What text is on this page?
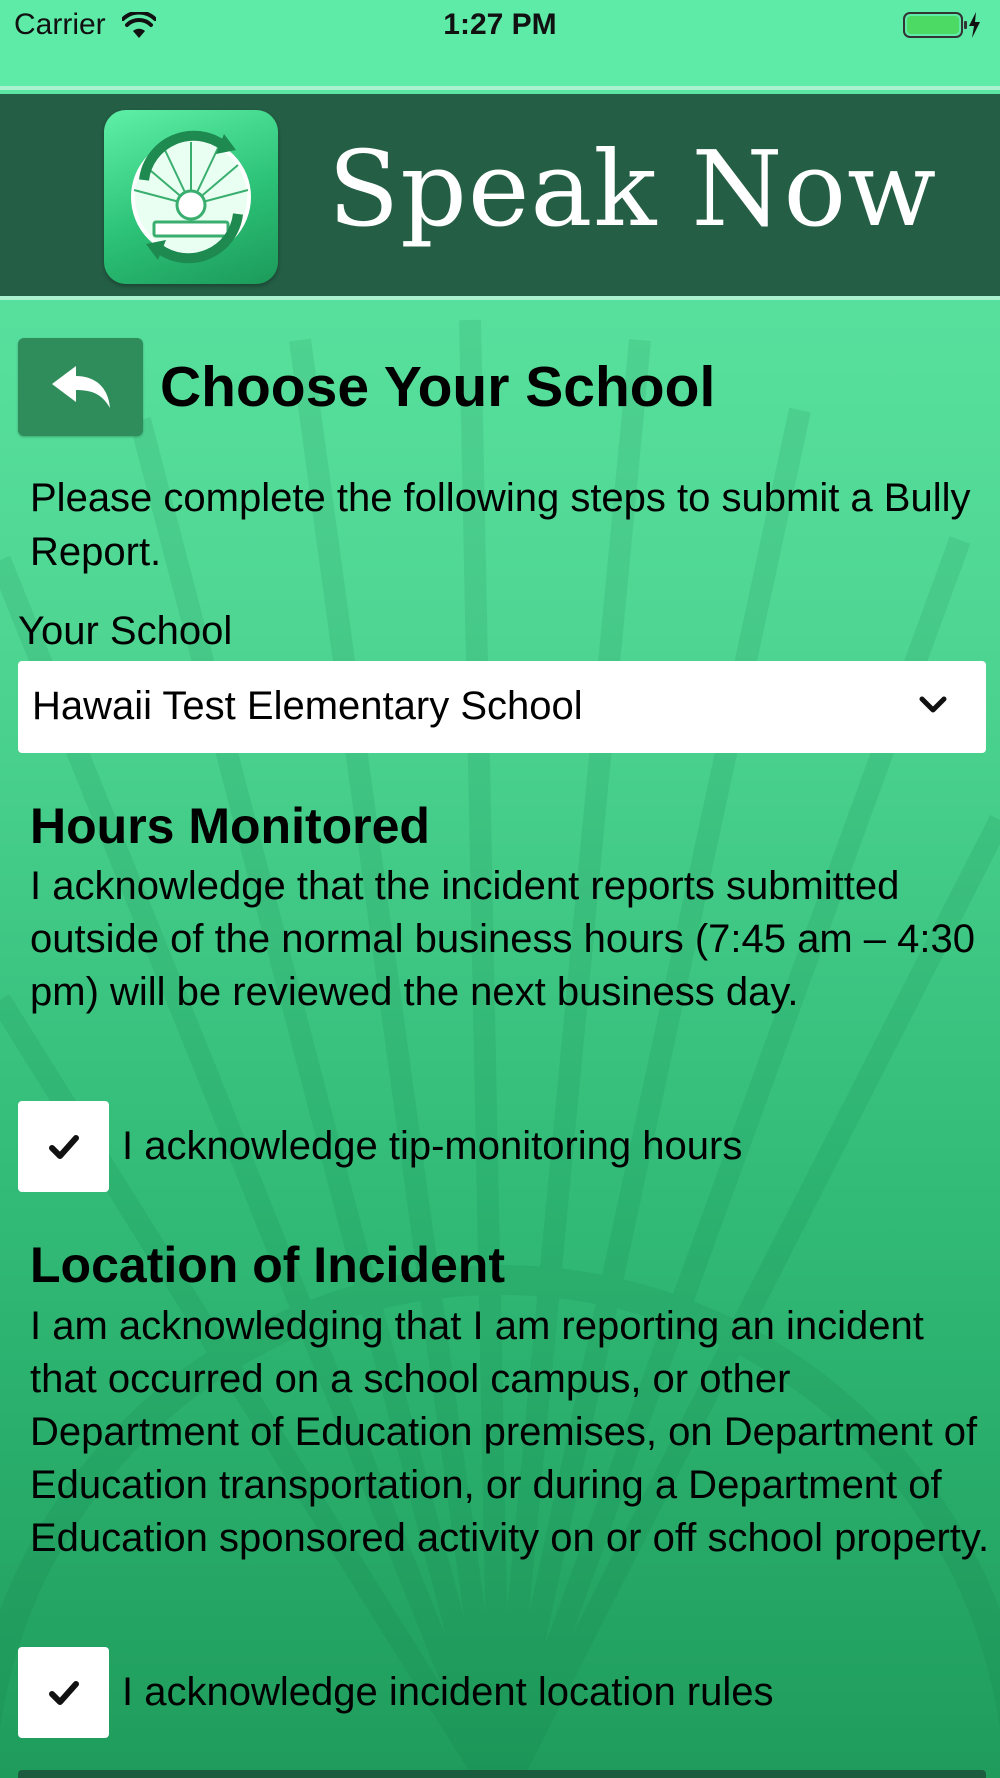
Carrier	1:27 PM
Speak Now
Choose Your School
Please complete the following steps to submit a Bully Report.
Your School
Hawaii Test Elementary School
Hours Monitored
I acknowledge that the incident reports submitted outside of the normal business hours (7:45 am – 4:30 pm) will be reviewed the next business day.
I acknowledge tip-monitoring hours
Location of Incident
I am acknowledging that I am reporting an incident that occurred on a school campus, or other Department of Education premises, on Department of Education transportation, or during a Department of Education sponsored activity on or off school property.
I acknowledge incident location rules
